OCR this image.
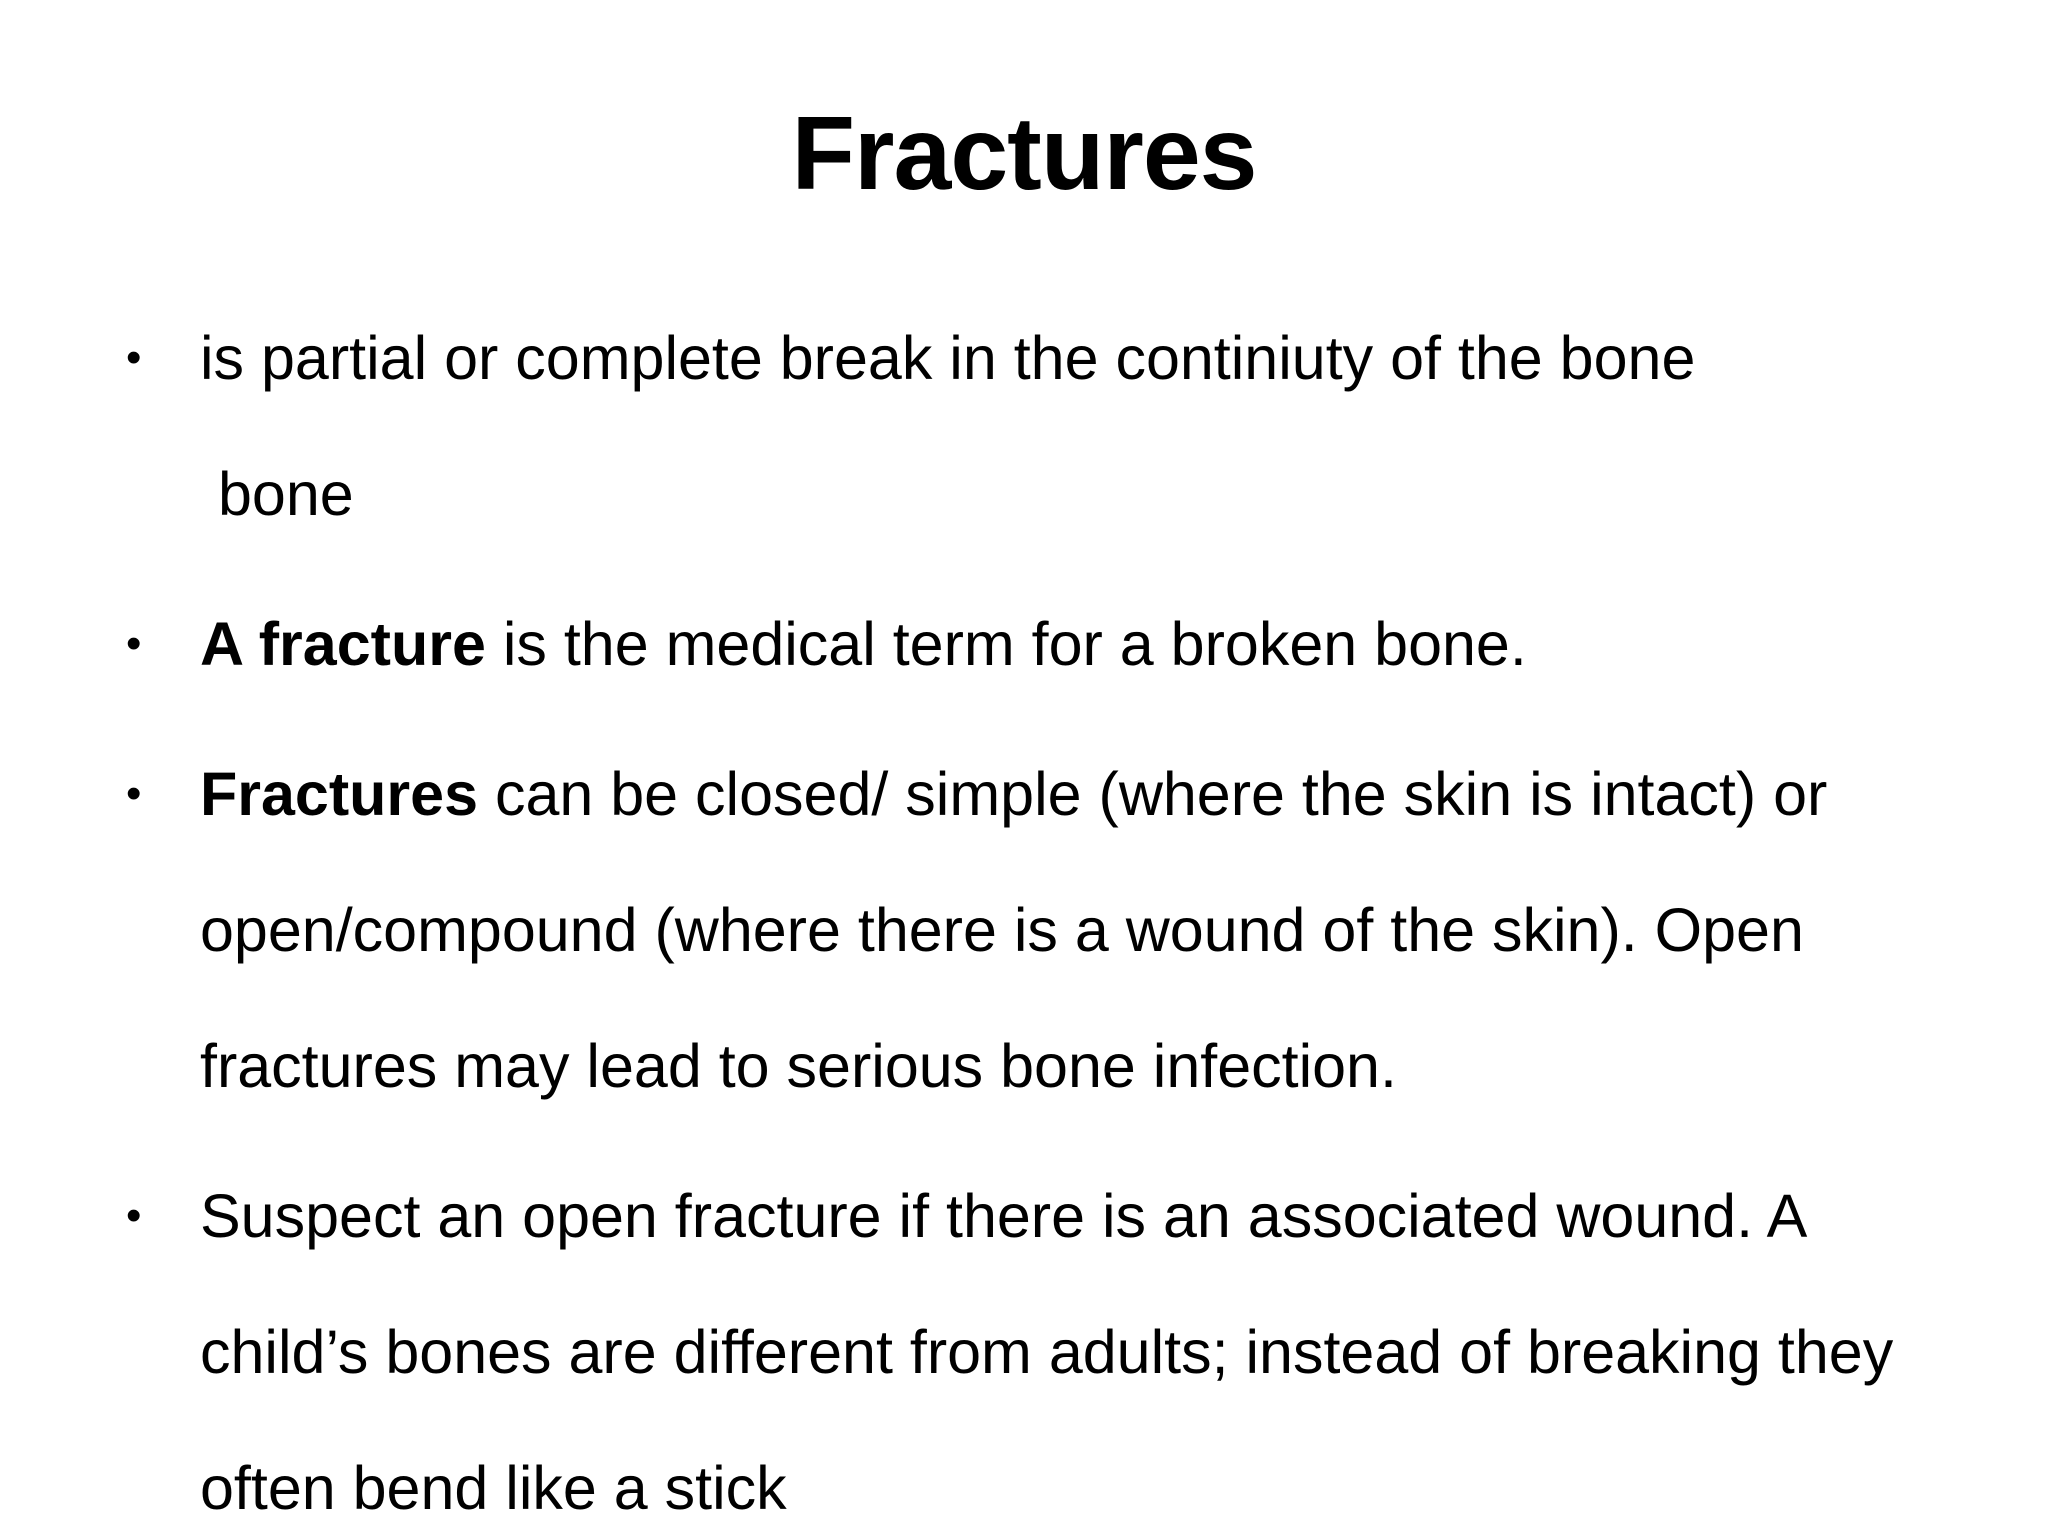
Fractures
• is partial or complete break in the continiuty of the bone
bone
• A fracture is the medical term for a broken bone.
• Fractures can be closed/ simple (where the skin is intact) or open/compound (where there is a wound of the skin). Open fractures may lead to serious bone infection.
• Suspect an open fracture if there is an associated wound. A child’s bones are different from adults; instead of breaking they often bend like a stick
